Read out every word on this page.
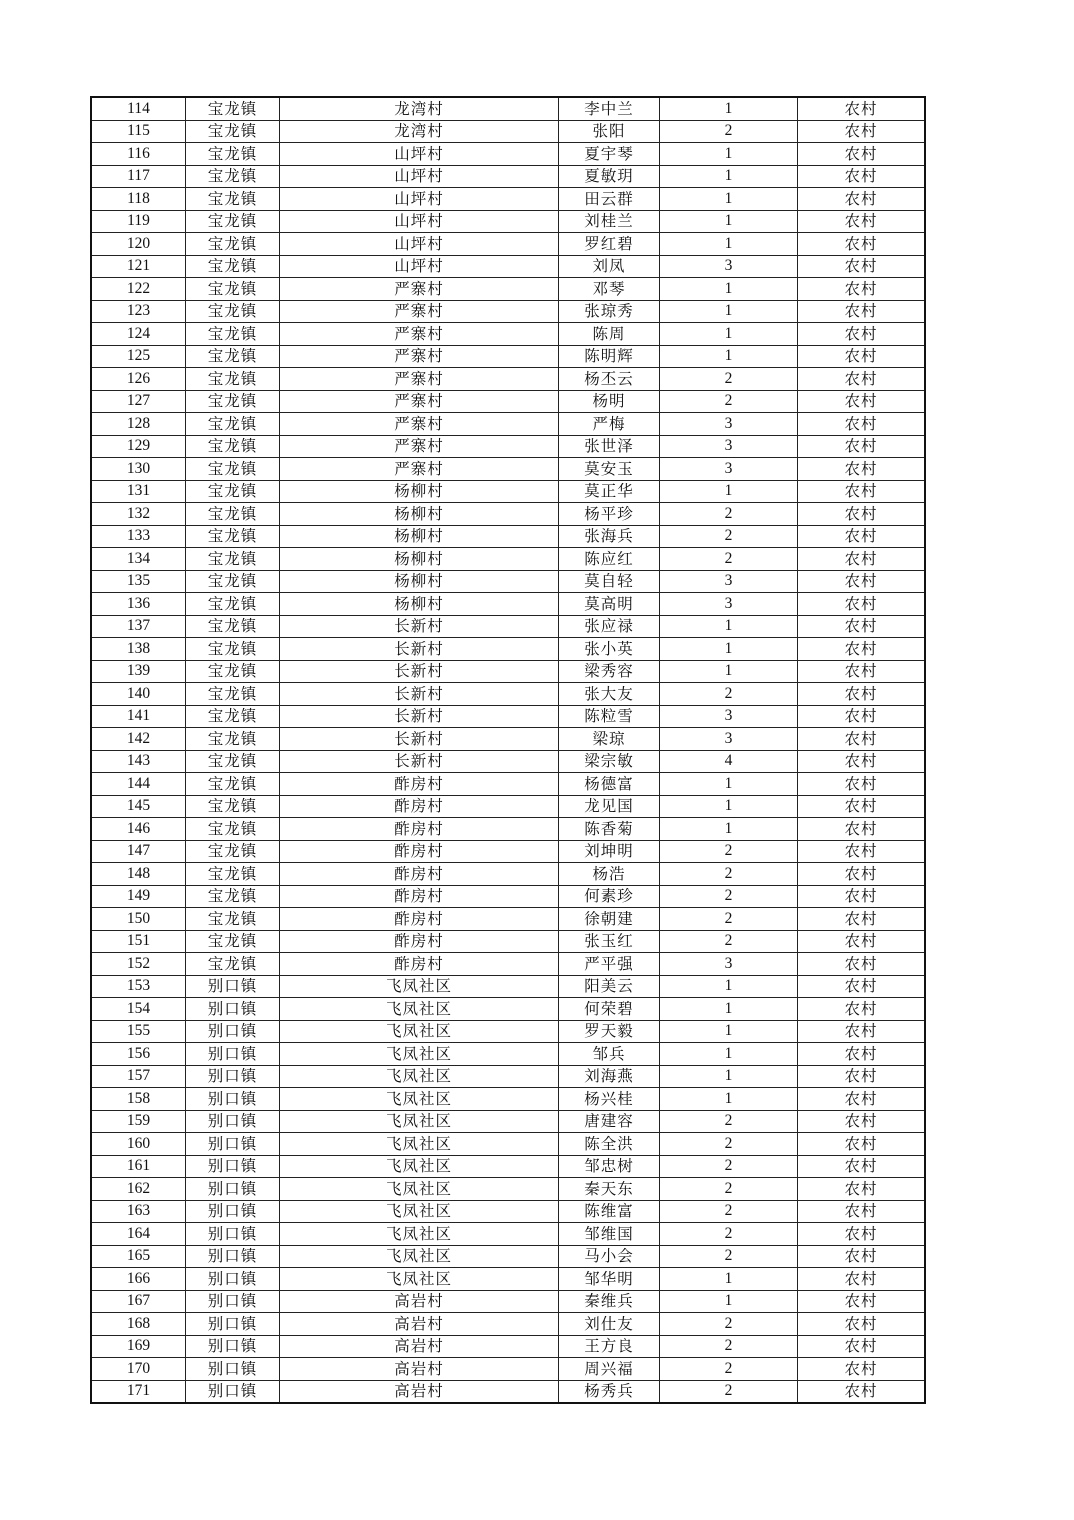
114	宝龙镇	龙湾村	李中兰	1	农村
115	宝龙镇	龙湾村	张阳	2	农村
116	宝龙镇	山坪村	夏宇琴	1	农村
117	宝龙镇	山坪村	夏敏玥	1	农村
118	宝龙镇	山坪村	田云群	1	农村
119	宝龙镇	山坪村	刘桂兰	1	农村
120	宝龙镇	山坪村	罗红碧	1	农村
121	宝龙镇	山坪村	刘凤	3	农村
122	宝龙镇	严寨村	邓琴	1	农村
123	宝龙镇	严寨村	张琼秀	1	农村
124	宝龙镇	严寨村	陈周	1	农村
125	宝龙镇	严寨村	陈明辉	1	农村
126	宝龙镇	严寨村	杨丕云	2	农村
127	宝龙镇	严寨村	杨明	2	农村
128	宝龙镇	严寨村	严梅	3	农村
129	宝龙镇	严寨村	张世泽	3	农村
130	宝龙镇	严寨村	莫安玉	3	农村
131	宝龙镇	杨柳村	莫正华	1	农村
132	宝龙镇	杨柳村	杨平珍	2	农村
133	宝龙镇	杨柳村	张海兵	2	农村
134	宝龙镇	杨柳村	陈应红	2	农村
135	宝龙镇	杨柳村	莫自轻	3	农村
136	宝龙镇	杨柳村	莫高明	3	农村
137	宝龙镇	长新村	张应禄	1	农村
138	宝龙镇	长新村	张小英	1	农村
139	宝龙镇	长新村	梁秀容	1	农村
140	宝龙镇	长新村	张大友	2	农村
141	宝龙镇	长新村	陈粒雪	3	农村
142	宝龙镇	长新村	梁琼	3	农村
143	宝龙镇	长新村	梁宗敏	4	农村
144	宝龙镇	酢房村	杨德富	1	农村
145	宝龙镇	酢房村	龙见国	1	农村
146	宝龙镇	酢房村	陈香菊	1	农村
147	宝龙镇	酢房村	刘坤明	2	农村
148	宝龙镇	酢房村	杨浩	2	农村
149	宝龙镇	酢房村	何素珍	2	农村
150	宝龙镇	酢房村	徐朝建	2	农村
151	宝龙镇	酢房村	张玉红	2	农村
152	宝龙镇	酢房村	严平强	3	农村
153	别口镇	飞凤社区	阳美云	1	农村
154	别口镇	飞凤社区	何荣碧	1	农村
155	别口镇	飞凤社区	罗天毅	1	农村
156	别口镇	飞凤社区	邹兵	1	农村
157	别口镇	飞凤社区	刘海燕	1	农村
158	别口镇	飞凤社区	杨兴桂	1	农村
159	别口镇	飞凤社区	唐建容	2	农村
160	别口镇	飞凤社区	陈全洪	2	农村
161	别口镇	飞凤社区	邹忠树	2	农村
162	别口镇	飞凤社区	秦天东	2	农村
163	别口镇	飞凤社区	陈维富	2	农村
164	别口镇	飞凤社区	邹维国	2	农村
165	别口镇	飞凤社区	马小会	2	农村
166	别口镇	飞凤社区	邹华明	1	农村
167	别口镇	高岩村	秦维兵	1	农村
168	别口镇	高岩村	刘仕友	2	农村
169	别口镇	高岩村	王方良	2	农村
170	别口镇	高岩村	周兴福	2	农村
171	别口镇	高岩村	杨秀兵	2	农村
